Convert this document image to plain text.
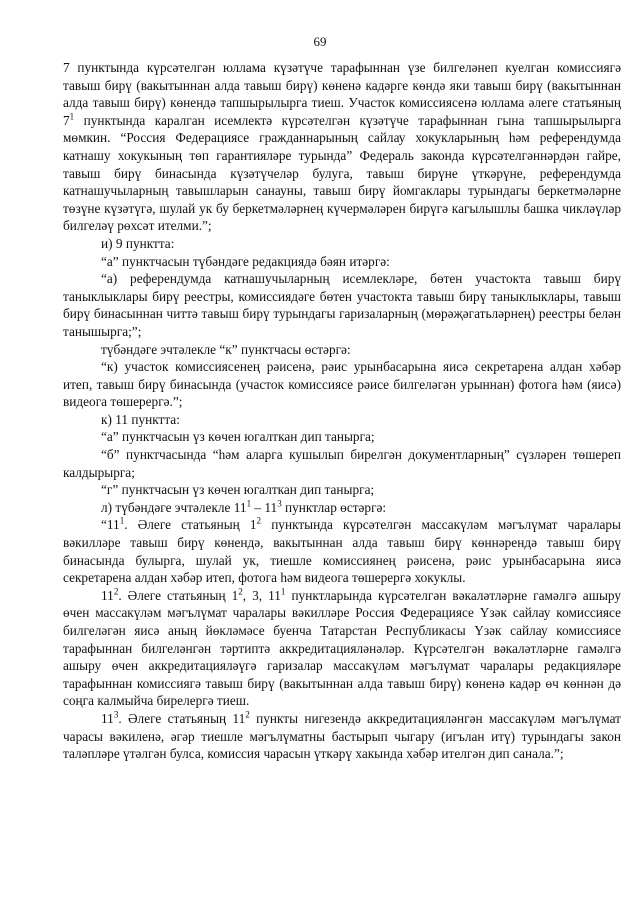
69

7 пунктында күрсәтелгән юллама күзәтүче тарафыннан үзе билгеләнеп куелган комиссиягә тавыш бирү (вакытыннан алда тавыш бирү) көненә кадәрге көндә яки тавыш бирү (вакытыннан алда тавыш бирү) көнендә тапшырылырга тиеш. Участок комиссиясенә юллама әлеге статьяның $7^1$ пунктында каралган исемлектә күрсәтелгән күзәтүче тарафыннан гына тапшырылырга мөмкин. “Россия Федерациясе гражданнарының сайлау хокукларының һәм референдумда катнашу хокукының төп гарантияләре турында” Федераль законда күрсәтелгәннәрдән гайре, тавыш бирү бинасында күзәтүчеләр булуга, тавыш бирүне үткәрүне, референдумда катнашучыларның тавышларын санауны, тавыш бирү йомгаклары турындагы беркетмәләрне төзүне күзәтүгә, шулай ук бу беркетмәләрнең күчермәләрен бирүгә кагылышлы башка чикләүләр билгеләү рөхсәт ителми.”;

и) 9 пунктта:

“а” пунктчасын түбәндәге редакциядә бәян итәргә:

“а) референдумда катнашучыларның исемлекләре, бөтен участокта тавыш бирү таныклыклары бирү реестры, комиссиядәге бөтен участокта тавыш бирү таныклыклары, тавыш бирү бинасыннан читтә тавыш бирү турындагы гаризаларның (мөрәҗәгатьләрнең) реестры белән танышырга;”;

түбәндәге эчтәлекле “к” пунктчасы өстәргә:

“к) участок комиссиясенең рәисенә, рәис урынбасарына яисә секретарена алдан хәбәр итеп, тавыш бирү бинасында (участок комиссиясе рәисе билгеләгән урыннан) фотога һәм (яисә) видеога төшерергә.”;

к) 11 пунктта:

“а” пунктчасын үз көчен югалткан дип танырга;

“б” пунктчасында “һәм аларга кушылып бирелгән документларның” сүзләрен төшереп калдырырга;

“г” пунктчасын үз көчен югалткан дип танырга;

л) түбәндәге эчтәлекле $11^1 - 11^3$ пунктлар өстәргә:

“$11^1$. Әлеге статьяның $1^2$ пунктында күрсәтелгән массакүләм мәгълүмат чаралары вәкилләре тавыш бирү көнендә, вакытыннан алда тавыш бирү көннәрендә тавыш бирү бинасында булырга, шулай ук, тиешле комиссиянең рәисенә, рәис урынбасарына яисә секретарена алдан хәбәр итеп, фотога һәм видеога төшерергә хокуклы.

$11^2$. Әлеге статьяның $1^2$, 3, $11^1$ пунктларында күрсәтелгән вәкаләтләрне гамәлгә ашыру өчен массакүләм мәгълүмат чаралары вәкилләре Россия Федерациясе Үзәк сайлау комиссиясе билгеләгән яисә аның йөкләмәсе буенча Татарстан Республикасы Үзәк сайлау комиссиясе тарафыннан билгеләнгән тәртиптә аккредитацияләнәләр. Күрсәтелгән вәкаләтләрне гамәлгә ашыру өчен аккредитацияләүгә гаризалар массакүләм мәгълүмат чаралары редакцияләре тарафыннан комиссиягә тавыш бирү (вакытыннан алда тавыш бирү) көненә кадәр өч көннән дә соңга калмыйча бирелергә тиеш.

$11^3$. Әлеге статьяның $11^2$ пункты нигезендә аккредитацияләнгән массакүләм мәгълүмат чарасы вәкиленә, әгәр тиешле мәгълүматны бастырып чыгару (игълан итү) турындагы закон таләпләре үтәлгән булса, комиссия чарасын үткәрү хакында хәбәр ителгән дип санала.”;
